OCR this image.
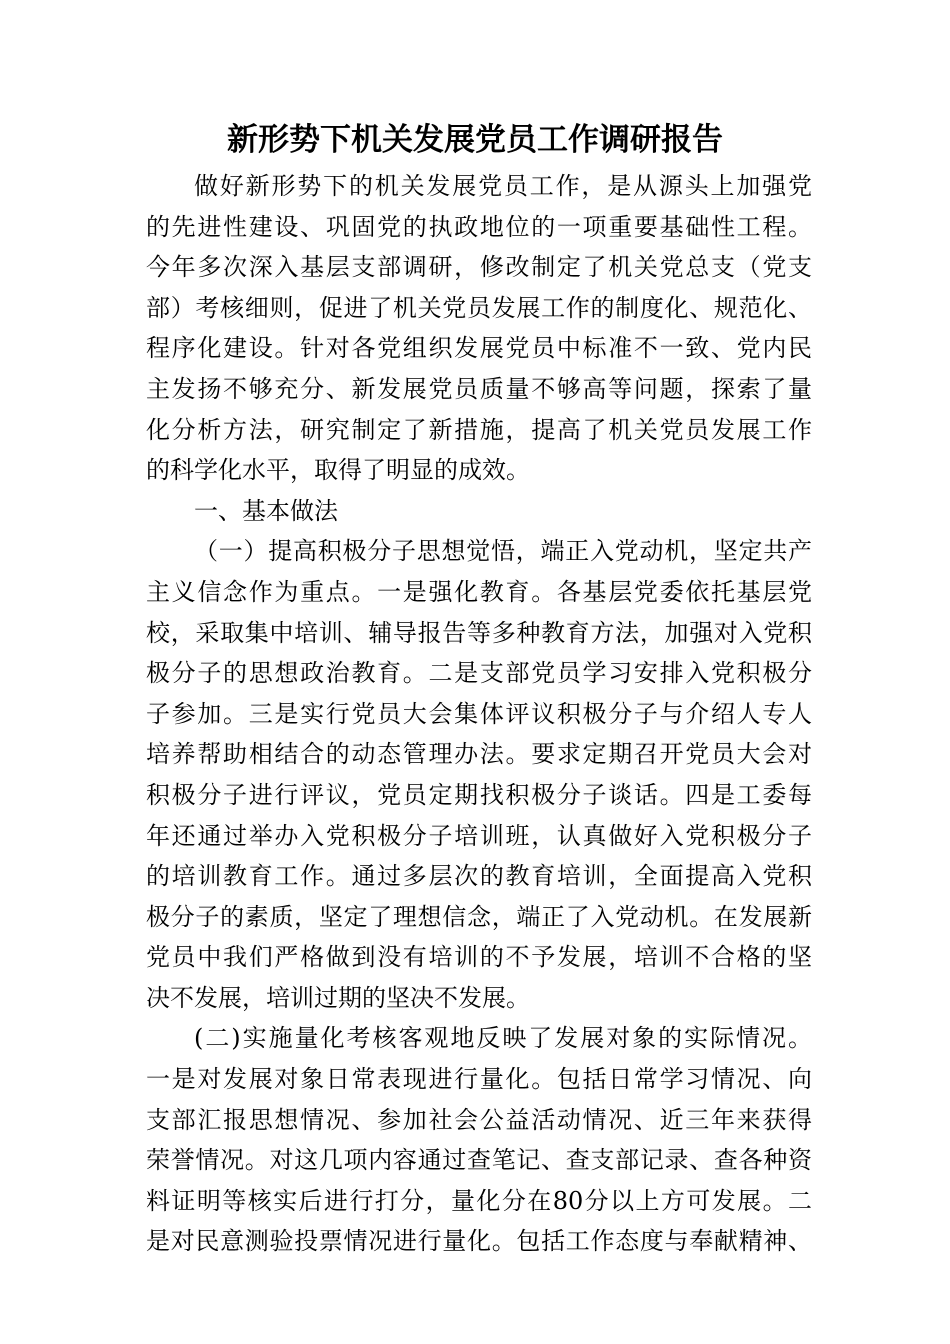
新形势下机关发展党员工作调研报告
做好新形势下的机关发展党员工作，是从源头上加强党
的先进性建设、巩固党的执政地位的一项重要基础性工程。
今年多次深入基层支部调研，修改制定了机关党总支（党支
部）考核细则，促进了机关党员发展工作的制度化、规范化、
程序化建设。针对各党组织发展党员中标准不一致、党内民
主发扬不够充分、新发展党员质量不够高等问题，探索了量
化分析方法，研究制定了新措施，提高了机关党员发展工作
的科学化水平，取得了明显的成效。
一、基本做法
（一）提高积极分子思想觉悟，端正入党动机，坚定共产
主义信念作为重点。一是强化教育。各基层党委依托基层党
校，采取集中培训、辅导报告等多种教育方法，加强对入党积
极分子的思想政治教育。二是支部党员学习安排入党积极分
子参加。三是实行党员大会集体评议积极分子与介绍人专人
培养帮助相结合的动态管理办法。要求定期召开党员大会对
积极分子进行评议，党员定期找积极分子谈话。四是工委每
年还通过举办入党积极分子培训班，认真做好入党积极分子
的培训教育工作。通过多层次的教育培训，全面提高入党积
极分子的素质，坚定了理想信念，端正了入党动机。在发展新
党员中我们严格做到没有培训的不予发展，培训不合格的坚
决不发展，培训过期的坚决不发展。
(二)实施量化考核客观地反映了发展对象的实际情况。
一是对发展对象日常表现进行量化。包括日常学习情况、向
支部汇报思想情况、参加社会公益活动情况、近三年来获得
荣誉情况。对这几项内容通过查笔记、查支部记录、查各种资
料证明等核实后进行打分，量化分在80分以上方可发展。二
是对民意测验投票情况进行量化。包括工作态度与奉献精神、
